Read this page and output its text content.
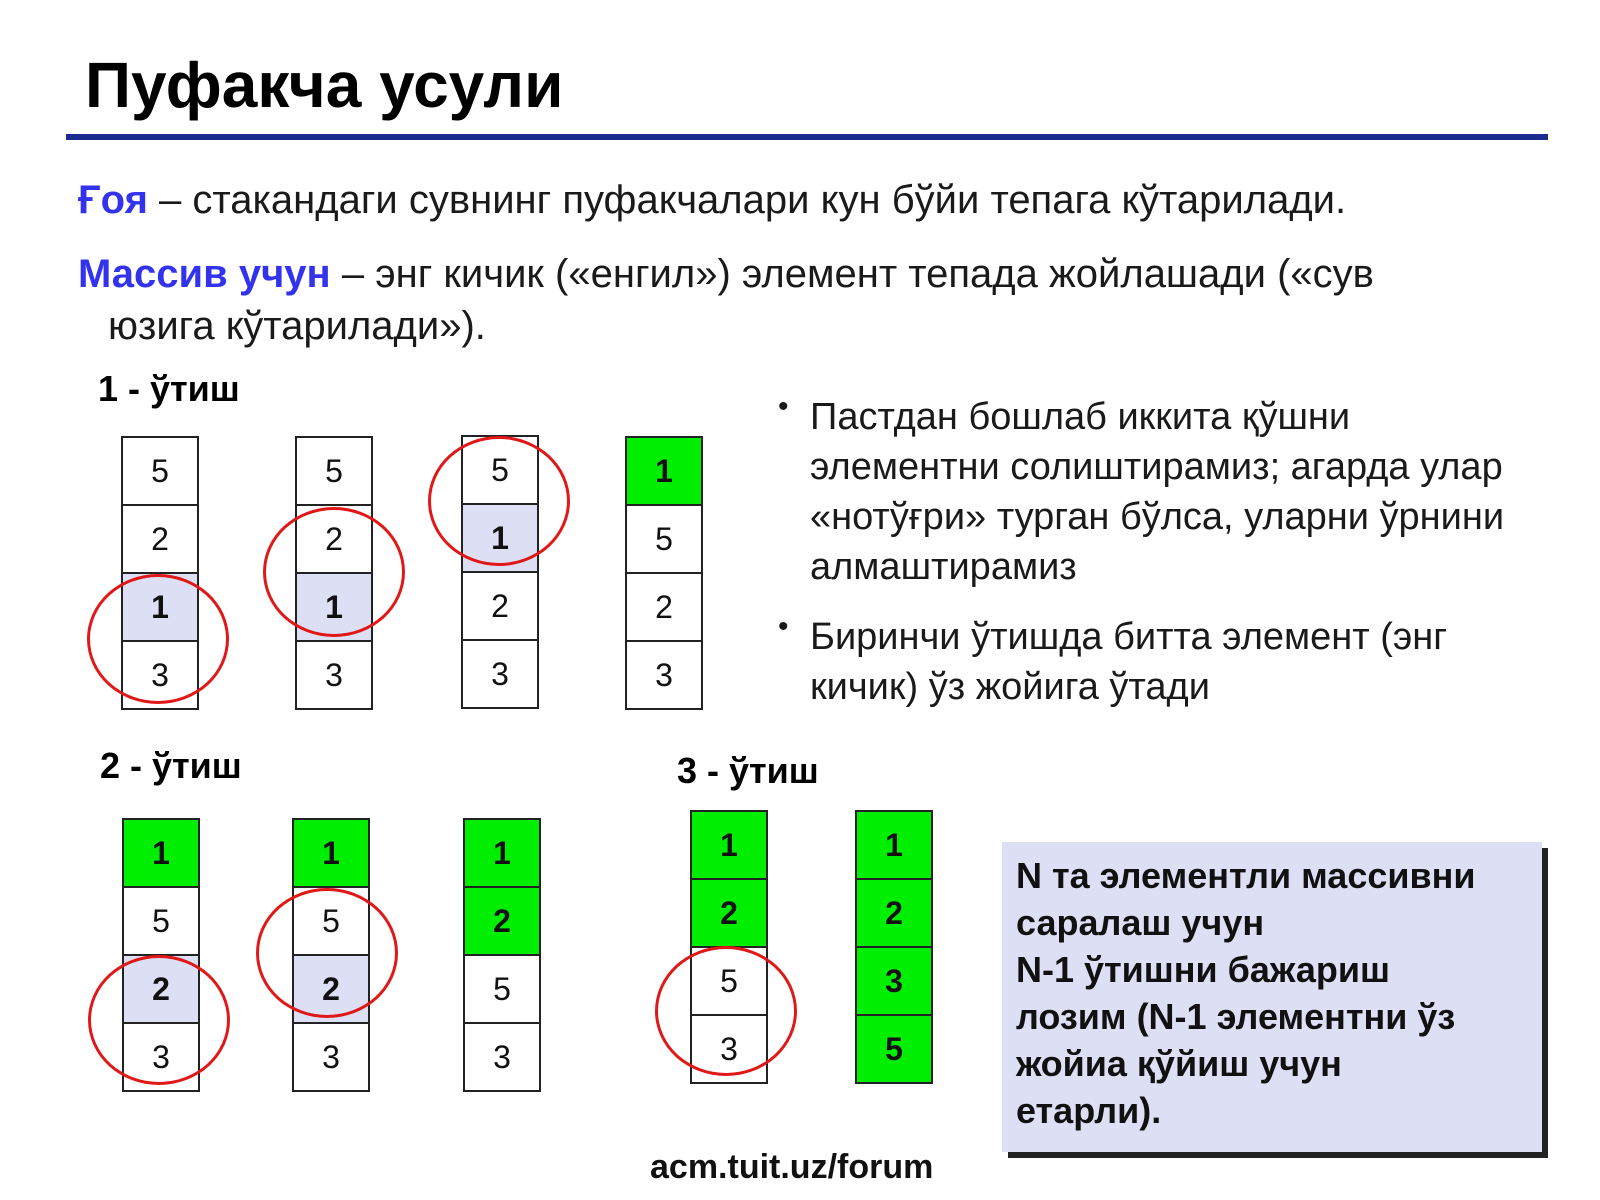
Пуфакча усули
Ғоя – стакандаги сувнинг пуфакчалари кун бўйи тепага кўтарилади.
Массив учун – энг кичик («енгил») элемент тепада жойлашади («сув
юзига кўтарилади»).
1 - ўтиш
2 - ўтиш	3 - ўтиш
5
2
1
3
5
2
1
3
5
1
2
3
1
5
2
3
1
5
2
3
1
5
2
3
1
2
5
3
1
2
5
3
1
2
3
5
• Пастдан бошлаб иккита қўшни элементни солиштирамиз; агарда улар «нотўғри» турган бўлса, уларни ўрнини алмаштирамиз
• Биринчи ўтишда битта элемент (энг кичик) ўз жойига ўтади
N та элементли массивни
саралаш учун
N-1 ўтишни бажариш
лозим (N-1 элементни ўз
жойиа қўйиш учун
етарли).
acm.tuit.uz/forum
